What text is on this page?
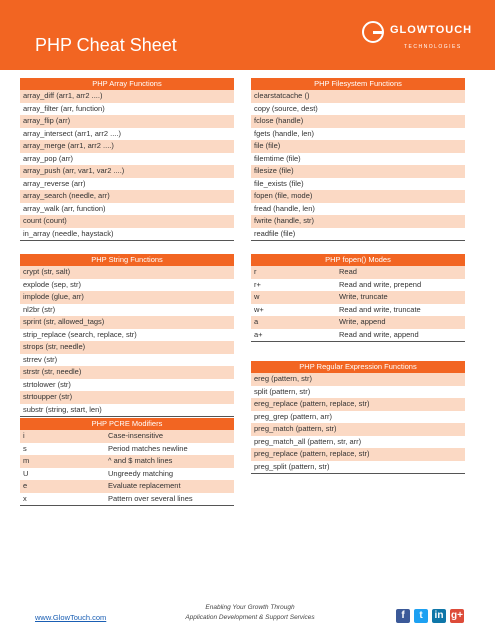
PHP Cheat Sheet
GLOWTOUCH
TECHNOLOGIES
PHP Array Functions
array_diff (arr1, arr2 ....)
array_filter (arr, function)
array_flip (arr)
array_intersect (arr1, arr2 ....)
array_merge (arr1, arr2 ....)
array_pop (arr)
array_push (arr, var1, var2 ....)
array_reverse (arr)
array_search (needle, arr)
array_walk (arr, function)
count (count)
in_array (needle, haystack)
PHP Filesystem Functions
clearstatcache ()
copy (source, dest)
fclose (handle)
fgets (handle, len)
file (file)
filemtime (file)
filesize (file)
file_exists (file)
fopen (file, mode)
fread (handle, len)
fwrite (handle, str)
readfile (file)
PHP String Functions
crypt (str, salt)
explode (sep, str)
implode (glue, arr)
nl2br (str)
sprint (str, allowed_tags)
strip_replace (search, replace, str)
strops (str, needle)
strrev (str)
strstr (str, needle)
strtolower (str)
strtoupper (str)
substr (string, start, len)
PHP fopen() Modes
r	Read
r+	Read and write, prepend
w	Write, truncate
w+	Read and write, truncate
a	Write, append
a+	Read and write, append
PHP PCRE Modifiers
i	Case-insensitive
s	Period matches newline
m	^ and $ match lines
U	Ungreedy matching
e	Evaluate replacement
x	Pattern over several lines
PHP Regular Expression Functions
ereg (pattern, str)
split (pattern, str)
ereg_replace (pattern, replace, str)
preg_grep (pattern, arr)
preg_match (pattern, str)
preg_match_all (pattern, str, arr)
preg_replace (pattern, replace, str)
preg_split (pattern, str)
www.GlowTouch.com
Enabling Your Growth Through
Application Development & Support Services	f	t	in g+
